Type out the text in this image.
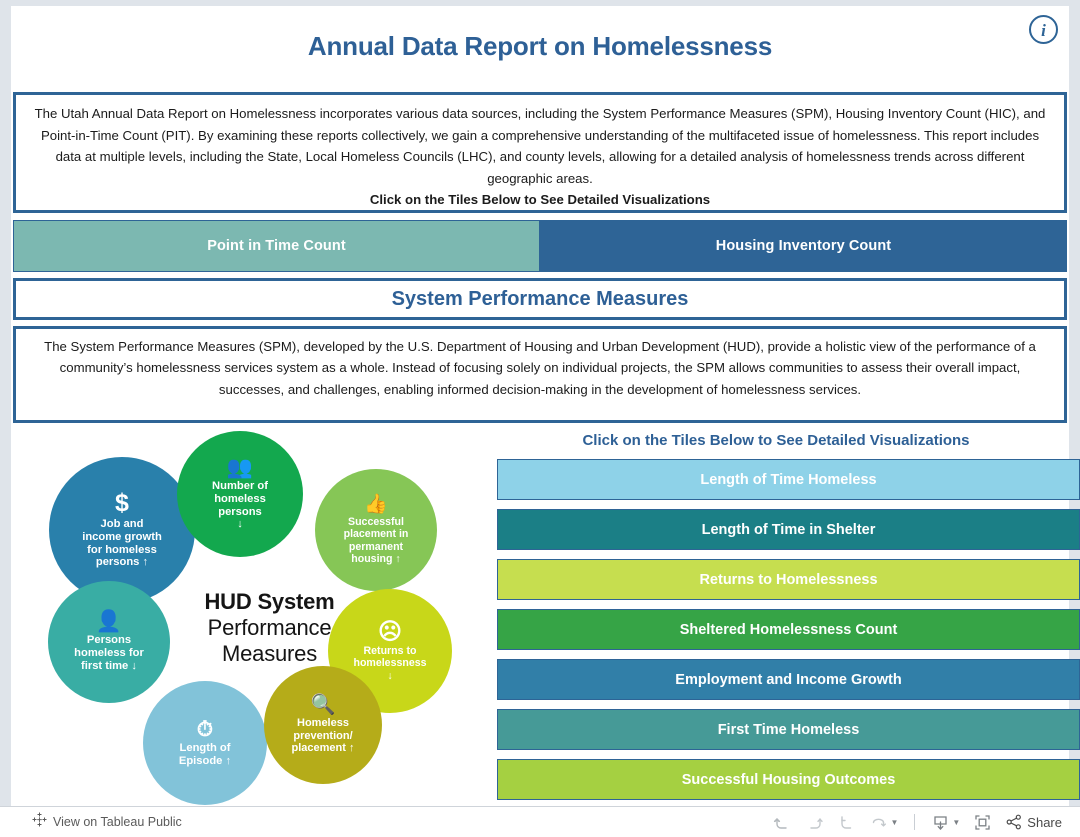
Annual Data Report on Homelessness
i
The Utah Annual Data Report on Homelessness incorporates various data sources, including the System Performance Measures (SPM), Housing Inventory Count (HIC), and Point-in-Time Count (PIT). By examining these reports collectively, we gain a comprehensive understanding of the multifaceted issue of homelessness. This report includes data at multiple levels, including the State, Local Homeless Councils (LHC), and county levels, allowing for a detailed analysis of homelessness trends across different geographic areas.
Click on the Tiles Below to See Detailed Visualizations
Point in Time Count	Housing Inventory Count
System Performance Measures
The System Performance Measures (SPM), developed by the U.S. Department of Housing and Urban Development (HUD), provide a holistic view of the performance of a community’s homelessness services system as a whole. Instead of focusing solely on individual projects, the SPM allows communities to assess their overall impact, successes, and challenges, enabling informed decision-making in the development of homelessness services.
HUD System
Performance
Measures
$
Job and
income growth
for homeless
persons ↑
👥
Number of
homeless
persons
↓
👍
Successful
placement in
permanent
housing ↑
👤
Persons
homeless for
first time ↓
☹
Returns to
homelessness
↓
⏱
Length of
Episode ↑
🔍
Homeless
prevention/
placement ↑
Click on the Tiles Below to See Detailed Visualizations
Length of Time Homeless
Length of Time in Shelter
Returns to Homelessness
Sheltered Homelessness Count
Employment and Income Growth
First Time Homeless
Successful Housing Outcomes
View on Tableau Public	▼	▼	Share
